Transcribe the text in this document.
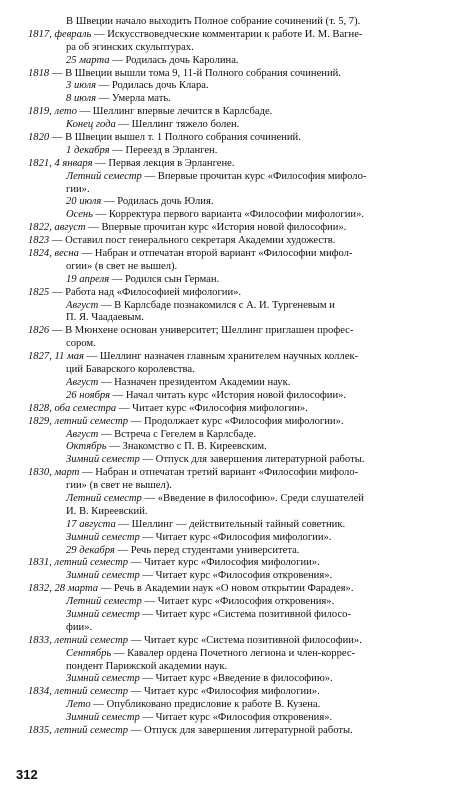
В Швеции начало выходить Полное собрание сочинений (т. 5, 7).
1817, февраль — Искусствоведческие комментарии к работе И. М. Вагне-
ра об эгинских скульптурах.
25 марта — Родилась дочь Каролина.
1818 — В Швеции вышли тома 9, 11-й Полного собрания сочинений.
3 июля — Родилась дочь Клара.
8 июля — Умерла мать.
1819, лето — Шеллинг впервые лечится в Карлсбаде.
Конец года — Шеллинг тяжело болен.
1820 — В Швеции вышел т. 1 Полного собрания сочинений.
1 декабря — Переезд в Эрланген.
1821, 4 января — Первая лекция в Эрлангене.
Летний семестр — Впервые прочитан курс «Философия мифоло-
гии».
20 июля — Родилась дочь Юлия.
Осень — Корректура первого варианта «Философии мифологии».
1822, август — Впервые прочитан курс «История новой философии».
1823 — Оставил пост генерального секретаря Академии художеств.
1824, весна — Набран и отпечатан второй вариант «Философии мифол-
огии» (в свет не вышел).
19 апреля — Родился сын Герман.
1825 — Работа над «Философией мифологии».
Август — В Карлсбаде познакомился с А. И. Тургеневым и
П. Я. Чаадаевым.
1826 — В Мюнхене основан университет; Шеллинг приглашен профес-
сором.
1827, 11 мая — Шеллинг назначен главным хранителем научных коллек-
ций Баварского королевства.
Август — Назначен президентом Академии наук.
26 ноября — Начал читать курс «История новой философии».
1828, оба семестра — Читает курс «Философия мифологии».
1829, летний семестр — Продолжает курс «Философия мифологии».
Август — Встреча с Гегелем в Карлсбаде.
Октябрь — Знакомство с П. В. Киреевским.
Зимний семестр — Отпуск для завершения литературной работы.
1830, март — Набран и отпечатан третий вариант «Философии мифоло-
гии» (в свет не вышел).
Летний семестр — «Введение в философию». Среди слушателей
И. В. Киреевский.
17 августа — Шеллинг — действительный тайный советник.
Зимний семестр — Читает курс «Философия мифологии».
29 декабря — Речь перед студентами университета.
1831, летний семестр — Читает курс «Философия мифологии».
Зимний семестр — Читает курс «Философия откровения».
1832, 28 марта — Речь в Академии наук «О новом открытии Фарадея».
Летний семестр — Читает курс «Философия откровения».
Зимний семестр — Читает курс «Система позитивной филосо-
фии».
1833, летний семестр — Читает курс «Система позитивной философии».
Сентябрь — Кавалер ордена Почетного легиона и член-коррес-
пондент Парижской академии наук.
Зимний семестр — Читает курс «Введение в философию».
1834, летний семестр — Читает курс «Философия мифологии».
Лето — Опубликовано предисловие к работе В. Кузена.
Зимний семестр — Читает курс «Философия откровения».
1835, летний семестр — Отпуск для завершения литературной работы.
312
